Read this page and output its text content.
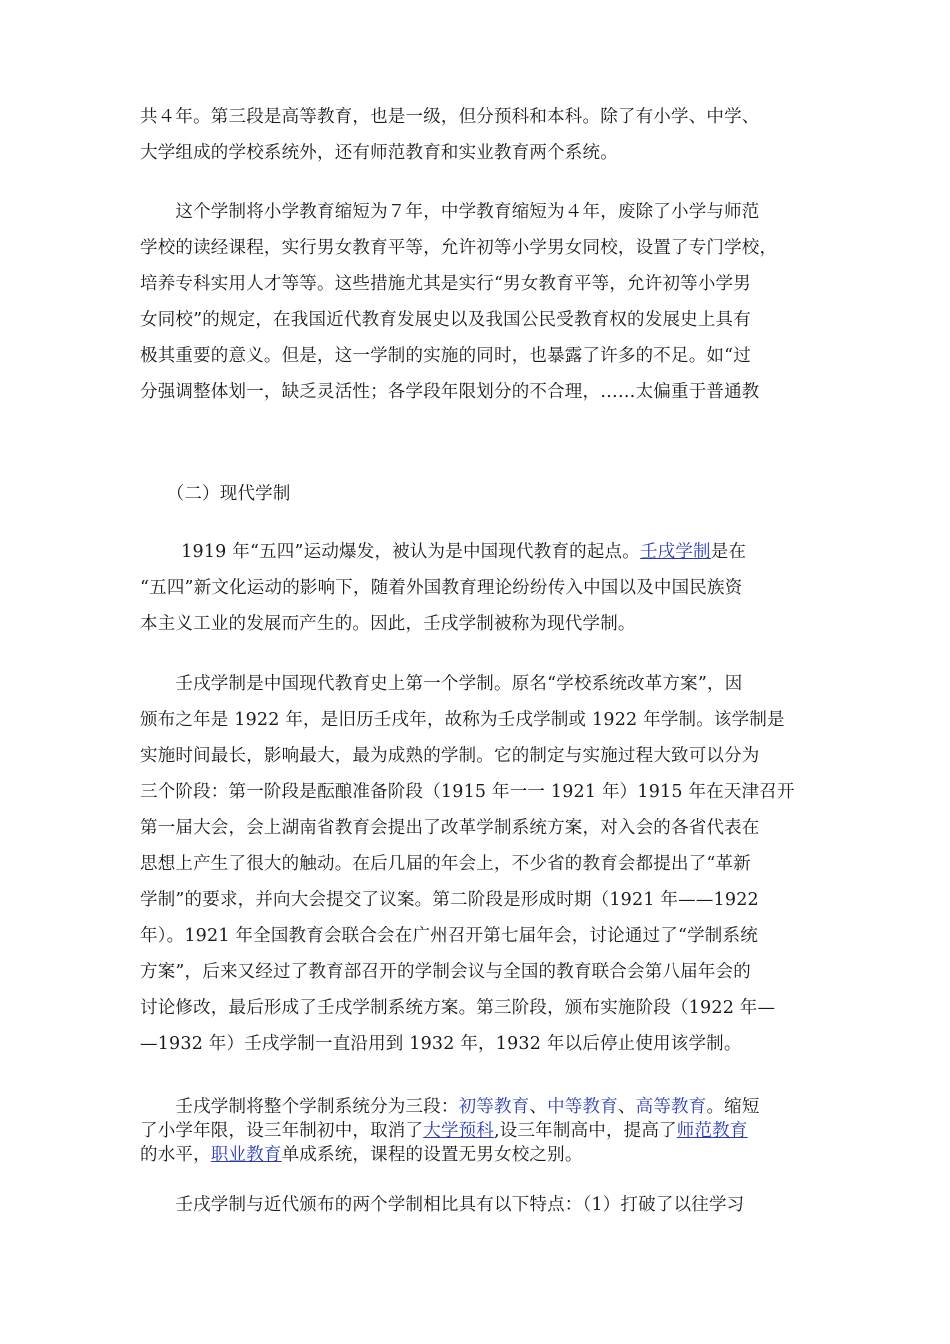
共４年。第三段是高等教育，也是一级，但分预科和本科。除了有小学、中学、
大学组成的学校系统外，还有师范教育和实业教育两个系统。
　　这个学制将小学教育缩短为７年，中学教育缩短为４年，废除了小学与师范
学校的读经课程，实行男女教育平等，允许初等小学男女同校，设置了专门学校，
培养专科实用人才等等。这些措施尤其是实行“男女教育平等，允许初等小学男
女同校”的规定，在我国近代教育发展史以及我国公民受教育权的发展史上具有
极其重要的意义。但是，这一学制的实施的同时，也暴露了许多的不足。如“过
分强调整体划一，缺乏灵活性；各学段年限划分的不合理，……太偏重于普通教
　　（二）现代学制
　　 1919 年“五四”运动爆发，被认为是中国现代教育的起点。壬戌学制是在
“五四”新文化运动的影响下，随着外国教育理论纷纷传入中国以及中国民族资
本主义工业的发展而产生的。因此，壬戌学制被称为现代学制。
　　壬戌学制是中国现代教育史上第一个学制。原名“学校系统改革方案”，因
颁布之年是 1922 年，是旧历壬戌年，故称为壬戌学制或 1922 年学制。该学制是
实施时间最长，影响最大，最为成熟的学制。它的制定与实施过程大致可以分为
三个阶段：第一阶段是酝酿准备阶段（1915 年一一 1921 年）1915 年在天津召开
第一届大会，会上湖南省教育会提出了改革学制系统方案，对入会的各省代表在
思想上产生了很大的触动。在后几届的年会上，不少省的教育会都提出了“革新
学制”的要求，并向大会提交了议案。第二阶段是形成时期（1921 年——1922
年）。1921 年全国教育会联合会在广州召开第七届年会，讨论通过了“学制系统
方案”，后来又经过了教育部召开的学制会议与全国的教育联合会第八届年会的
讨论修改，最后形成了壬戌学制系统方案。第三阶段，颁布实施阶段（1922 年—
—1932 年）壬戌学制一直沿用到 1932 年，1932 年以后停止使用该学制。
　　壬戌学制将整个学制系统分为三段：初等教育、中等教育、高等教育。缩短
了小学年限，设三年制初中，取消了大学预科,设三年制高中，提高了师范教育
的水平，职业教育单成系统，课程的设置无男女校之别。
　　壬戌学制与近代颁布的两个学制相比具有以下特点：（1）打破了以往学习
